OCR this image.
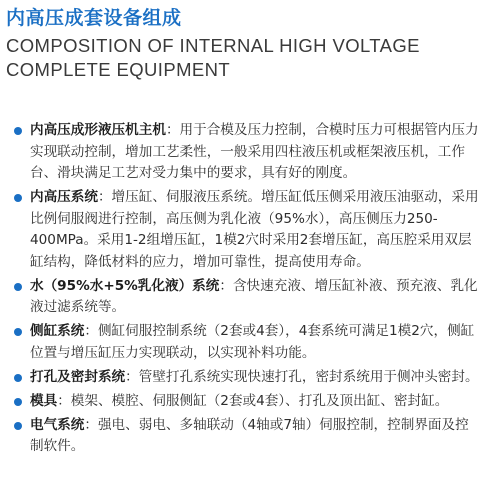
内高压成套设备组成
COMPOSITION OF INTERNAL HIGH VOLTAGE
COMPLETE EQUIPMENT
内高压成形液压机主机：用于合模及压力控制，合模时压力可根据管内压力实现联动控制，增加工艺柔性，一般采用四柱液压机或框架液压机，工作台、滑块满足工艺对受力集中的要求，具有好的刚度。
内高压系统：增压缸、伺服液压系统。增压缸低压侧采用液压油驱动，采用比例伺服阀进行控制，高压侧为乳化液（95%水），高压侧压力250-400MPa。采用1-2组增压缸，1模2穴时采用2套增压缸，高压腔采用双层缸结构，降低材料的应力，增加可靠性，提高使用寿命。
水（95%水+5%乳化液）系统：含快速充液、增压缸补液、预充液、乳化液过滤系统等。
侧缸系统：侧缸伺服控制系统（2套或4套），4套系统可满足1模2穴，侧缸位置与增压缸压力实现联动，以实现补料功能。
打孔及密封系统：管壁打孔系统实现快速打孔，密封系统用于侧冲头密封。
模具：模架、模腔、伺服侧缸（2套或4套）、打孔及顶出缸、密封缸。
电气系统：强电、弱电、多轴联动（4轴或7轴）伺服控制，控制界面及控制软件。
